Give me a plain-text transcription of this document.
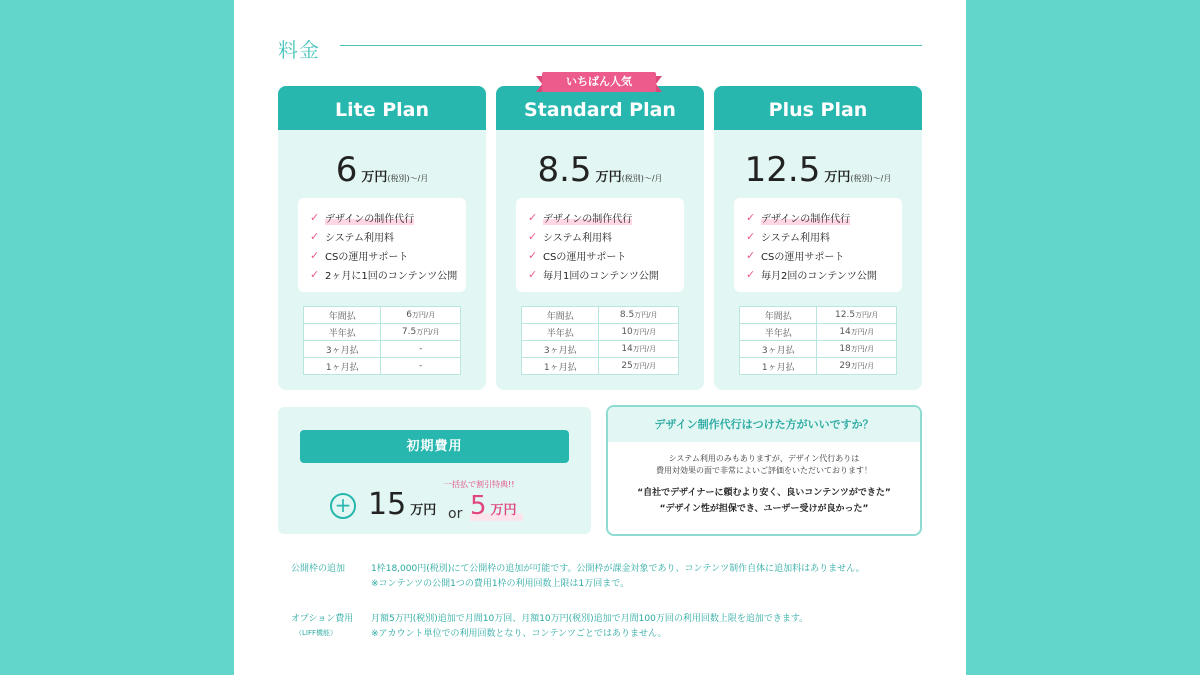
料金
Lite Plan
6 万円(税別)〜/月
✓ デザインの制作代行
✓ システム利用料
✓ CSの運用サポート
✓ 2ヶ月に1回のコンテンツ公開
年間払	6万円/月
半年払	7.5万円/月
3ヶ月払	-
1ヶ月払	-
いちばん人気
Standard Plan
8.5 万円(税別)〜/月
✓ デザインの制作代行
✓ システム利用料
✓ CSの運用サポート
✓ 毎月1回のコンテンツ公開
年間払	8.5万円/月
半年払	10万円/月
3ヶ月払	14万円/月
1ヶ月払	25万円/月
Plus Plan
12.5 万円(税別)〜/月
✓ デザインの制作代行
✓ システム利用料
✓ CSの運用サポート
✓ 毎月2回のコンテンツ公開
年間払	12.5万円/月
半年払	14万円/月
3ヶ月払	18万円/月
1ヶ月払	29万円/月
初期費用
+ 15 万円
一括払で割引特典!!
or 5 万円
デザイン制作代行はつけた方がいいですか？
システム利用のみもありますが、デザイン代行ありは
費用対効果の面で非常によいご評価をいただいております！
“自社でデザイナーに頼むより安く、良いコンテンツができた”
“デザイン性が担保でき、ユーザー受けが良かった”
公開枠の追加	1枠18,000円(税別)にて公開枠の追加が可能です。公開枠が課金対象であり、コンテンツ制作自体に追加料はありません。
※コンテンツの公開1つの費用1枠の利用回数上限は1万回まで。
オプション費用
（LIFF機能）
月額5万円(税別)追加で月間10万回、月額10万円(税別)追加で月間100万回の利用回数上限を追加できます。
※アカウント単位での利用回数となり、コンテンツごとではありません。
